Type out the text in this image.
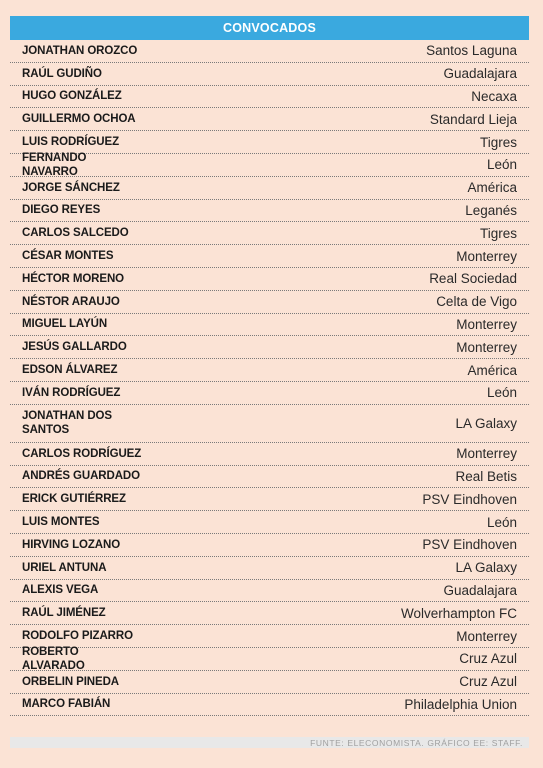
CONVOCADOS
JONATHAN OROZCO	Santos Laguna
RAÚL GUDIÑO	Guadalajara
HUGO GONZÁLEZ	Necaxa
GUILLERMO OCHOA	Standard Lieja
LUIS RODRÍGUEZ	Tigres
FERNANDO NAVARRO	León
JORGE SÁNCHEZ	América
DIEGO REYES	Leganés
CARLOS SALCEDO	Tigres
CÉSAR MONTES	Monterrey
HÉCTOR MORENO	Real Sociedad
NÉSTOR ARAUJO	Celta de Vigo
MIGUEL LAYÚN	Monterrey
JESÚS GALLARDO	Monterrey
EDSON ÁLVAREZ	América
IVÁN RODRÍGUEZ	León
JONATHAN DOS SANTOS	LA Galaxy
CARLOS RODRÍGUEZ	Monterrey
ANDRÉS GUARDADO	Real Betis
ERICK GUTIÉRREZ	PSV Eindhoven
LUIS MONTES	León
HIRVING LOZANO	PSV Eindhoven
URIEL ANTUNA	LA Galaxy
ALEXIS VEGA	Guadalajara
RAÚL JIMÉNEZ	Wolverhampton FC
RODOLFO PIZARRO	Monterrey
ROBERTO ALVARADO	Cruz Azul
ORBELIN PINEDA	Cruz Azul
MARCO FABIÁN	Philadelphia Union
FUNTE: ELECONOMISTA. GRÁFICO EE: STAFF.
